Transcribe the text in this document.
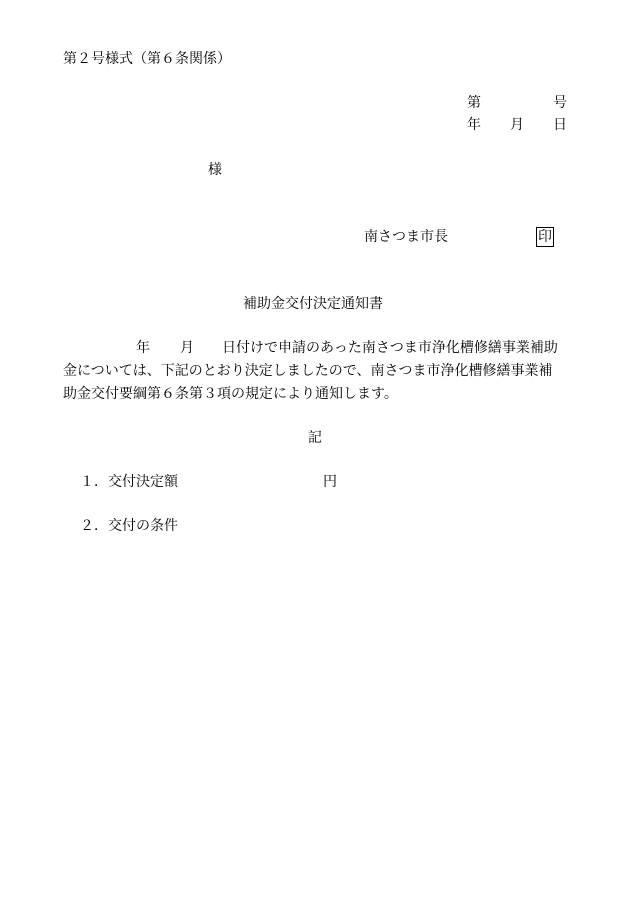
第２号様式（第６条関係）
第	号
年 月 日
様
南さつま市長	印
補助金交付決定通知書
年 月 日付けで申請のあった南さつま市浄化槽修繕事業補助
金については、下記のとおり決定しましたので、南さつま市浄化槽修繕事業補
助金交付要綱第６条第３項の規定により通知します。
記
１．交付決定額	円
２．交付の条件
